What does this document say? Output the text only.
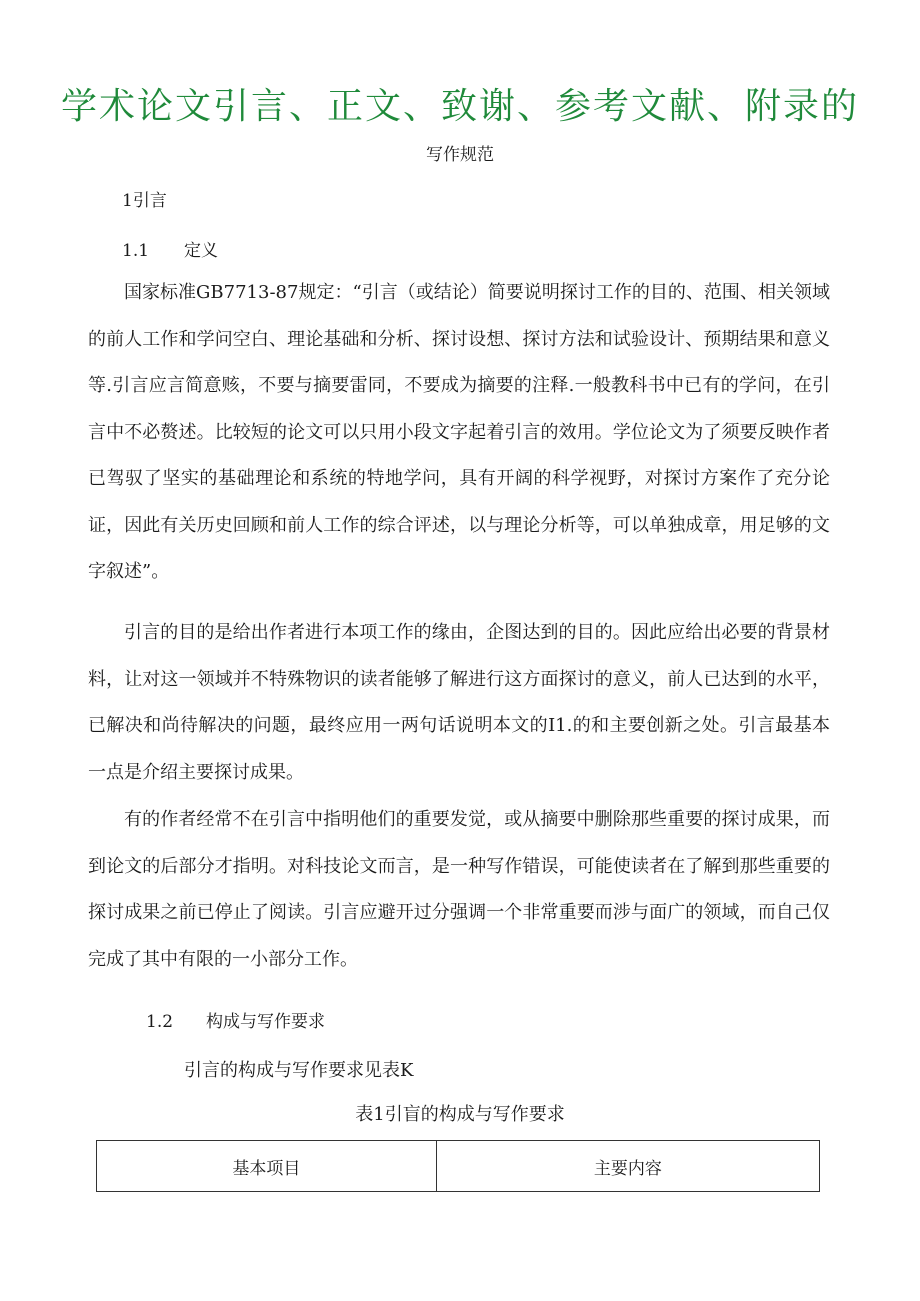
学术论文引言、正文、致谢、参考文献、附录的
写作规范
1引言
1.1 定义

国家标准GB7713-87规定：“引言（或结论）简要说明探讨工作的目的、范围、相关领域的前人工作和学问空白、理论基础和分析、探讨设想、探讨方法和试验设计、预期结果和意义等.引言应言简意赅，不要与摘要雷同，不要成为摘要的注释.一般教科书中已有的学问，在引言中不必赘述。比较短的论文可以只用小段文字起着引言的效用。学位论文为了须要反映作者已驾驭了坚实的基础理论和系统的特地学问，具有开阔的科学视野，对探讨方案作了充分论证，因此有关历史回顾和前人工作的综合评述，以与理论分析等，可以单独成章，用足够的文字叙述”。

引言的目的是给出作者进行本项工作的缘由，企图达到的目的。因此应给出必要的背景材料，让对这一领域并不特殊物识的读者能够了解进行这方面探讨的意义，前人已达到的水平，已解决和尚待解决的问题，最终应用一两句话说明本文的I1.的和主要创新之处。引言最基本一点是介绍主要探讨成果。

有的作者经常不在引言中指明他们的重要发觉，或从摘要中删除那些重要的探讨成果，而到论文的后部分才指明。对科技论文而言，是一种写作错误，可能使读者在了解到那些重要的探讨成果之前已停止了阅读。引言应避开过分强调一个非常重要而涉与面广的领域，而自己仅完成了其中有限的一小部分工作。

1.2 构成与写作要求
引言的构成与写作要求见表K
表1引盲的构成与写作要求
基本项目	主要内容
